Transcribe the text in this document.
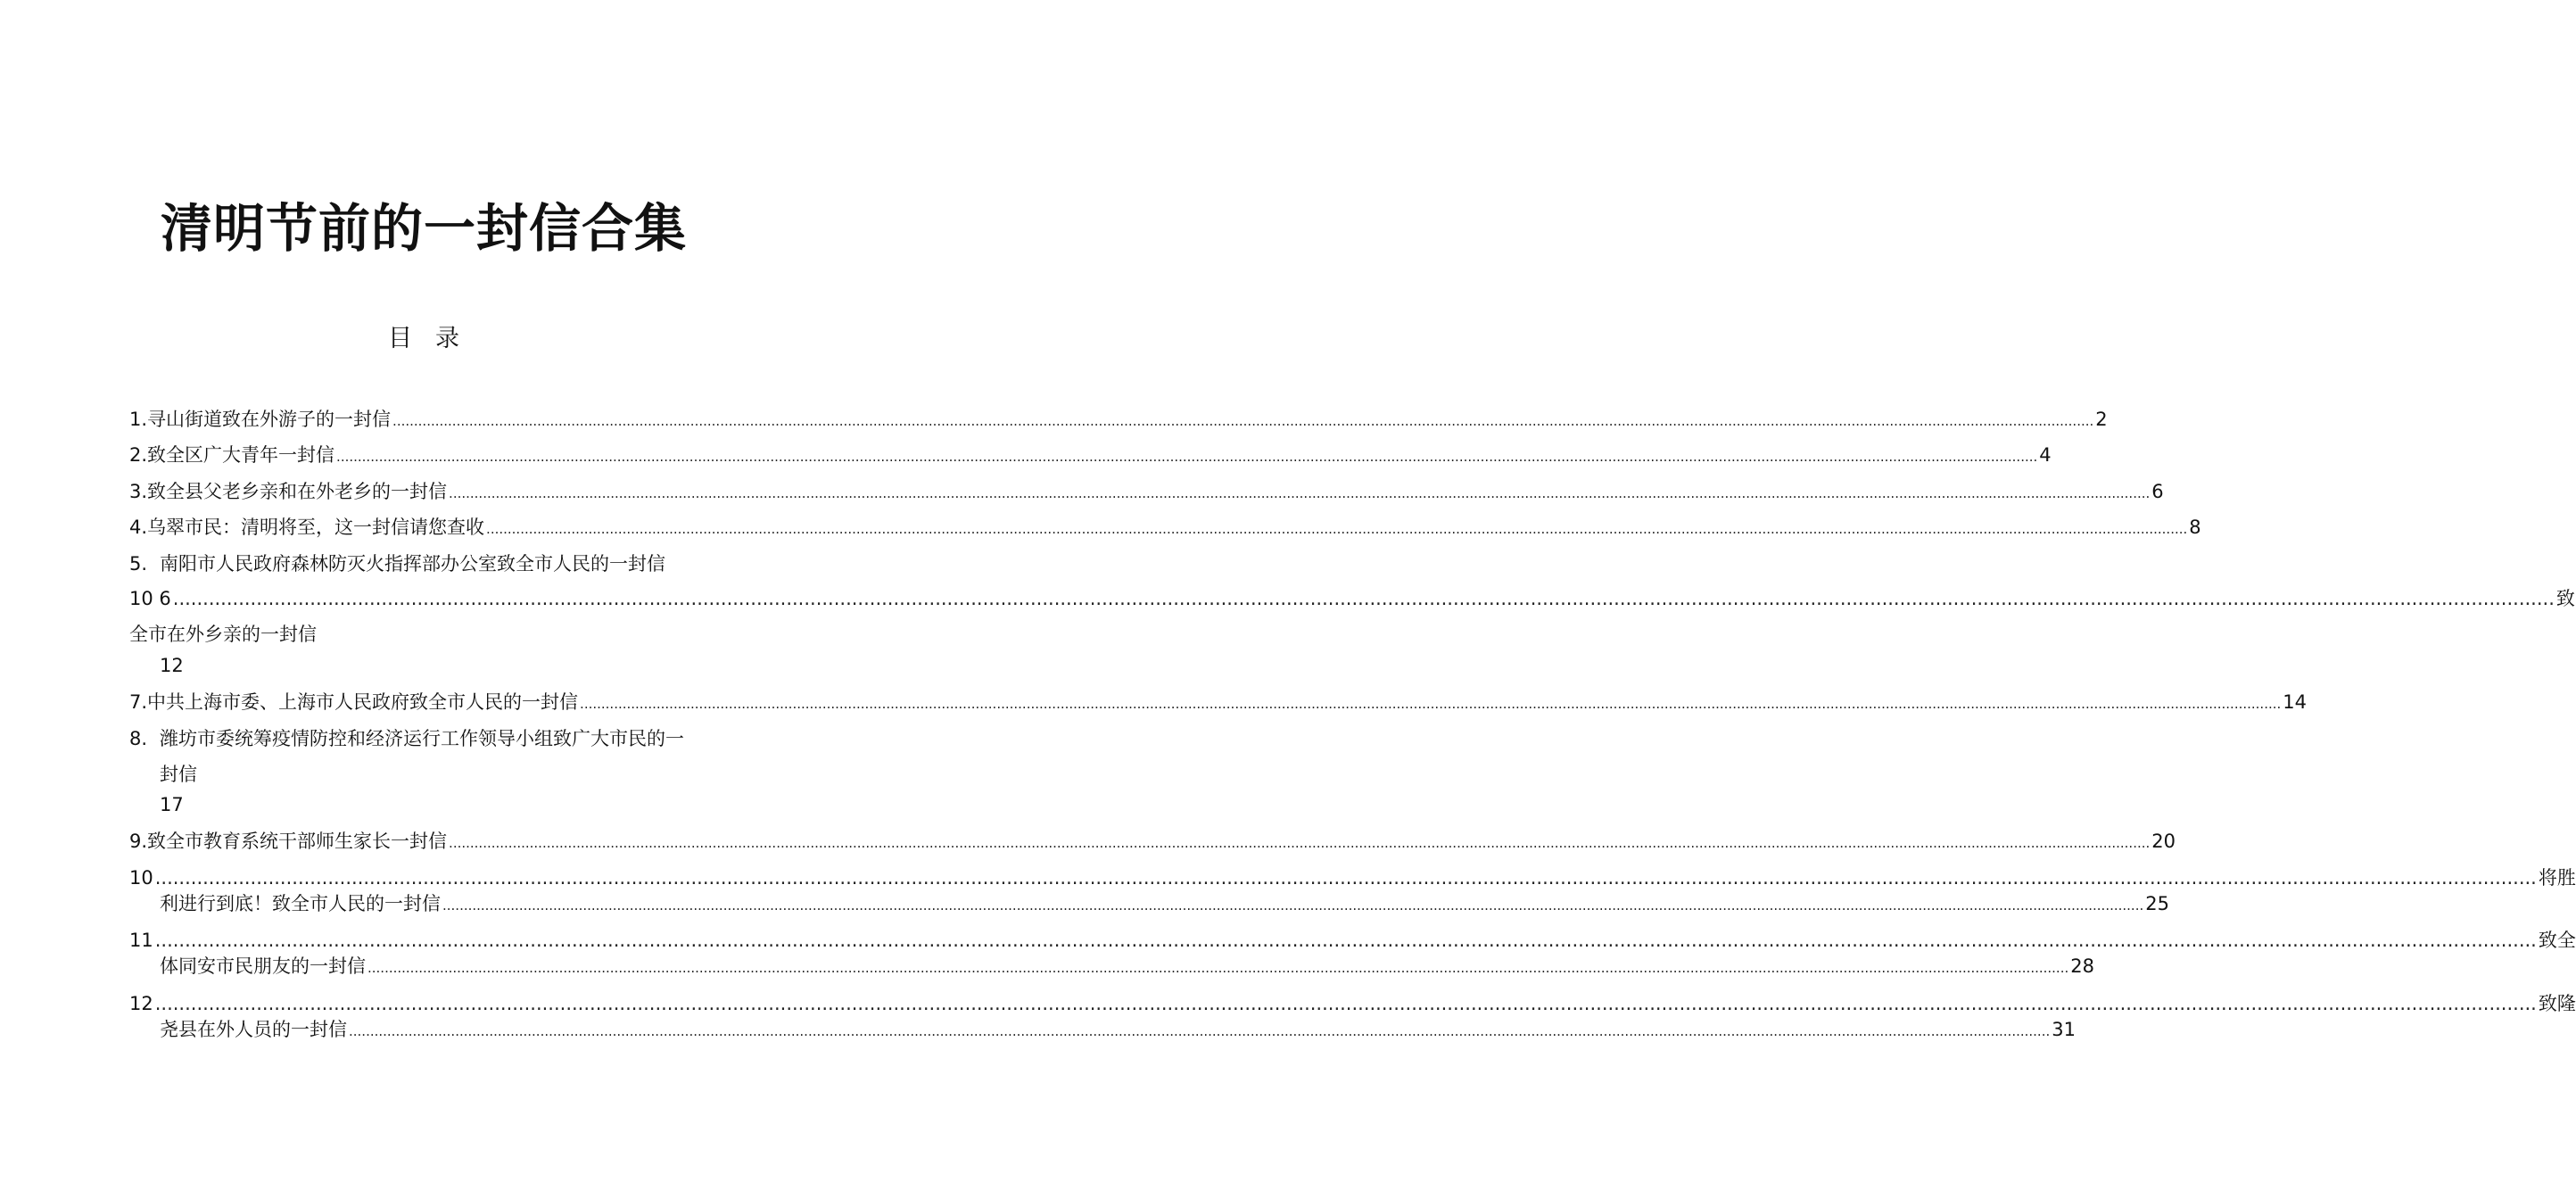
清明节前的一封信合集
目录
1. 寻山街道致在外游子的一封信 ................................................................................................................................................................................................................................................................................................................................................................................................................ 2
2. 致全区广大青年一封信 ................................................................................................................................................................................................................................................................................................................................................................................................................ 4
3. 致全县父老乡亲和在外老乡的一封信 ................................................................................................................................................................................................................................................................................................................................................................................................................ 6
4. 乌翠市民：清明将至，这一封信请您查收 ................................................................................................................................................................................................................................................................................................................................................................................................................ 8
5. 南阳市人民政府森林防灭火指挥部办公室致全市人民的一封信
10 6 ................................................................................................................................................................................................................................................................................................................................................................................................................ 致
全市在外乡亲的一封信
12
7. 中共上海市委、上海市人民政府致全市人民的一封信 ................................................................................................................................................................................................................................................................................................................................................................................................................ 14
8. 潍坊市委统筹疫情防控和经济运行工作领导小组致广大市民的一
封信
17
9. 致全市教育系统干部师生家长一封信 ................................................................................................................................................................................................................................................................................................................................................................................................................ 20
10 ................................................................................................................................................................................................................................................................................................................................................................................................................ 将胜
利进行到底！致全市人民的一封信 ................................................................................................................................................................................................................................................................................................................................................................................................................ 25
11 ................................................................................................................................................................................................................................................................................................................................................................................................................ 致全
体同安市民朋友的一封信 ................................................................................................................................................................................................................................................................................................................................................................................................................ 28
12 ................................................................................................................................................................................................................................................................................................................................................................................................................ 致隆
尧县在外人员的一封信 ................................................................................................................................................................................................................................................................................................................................................................................................................ 31
